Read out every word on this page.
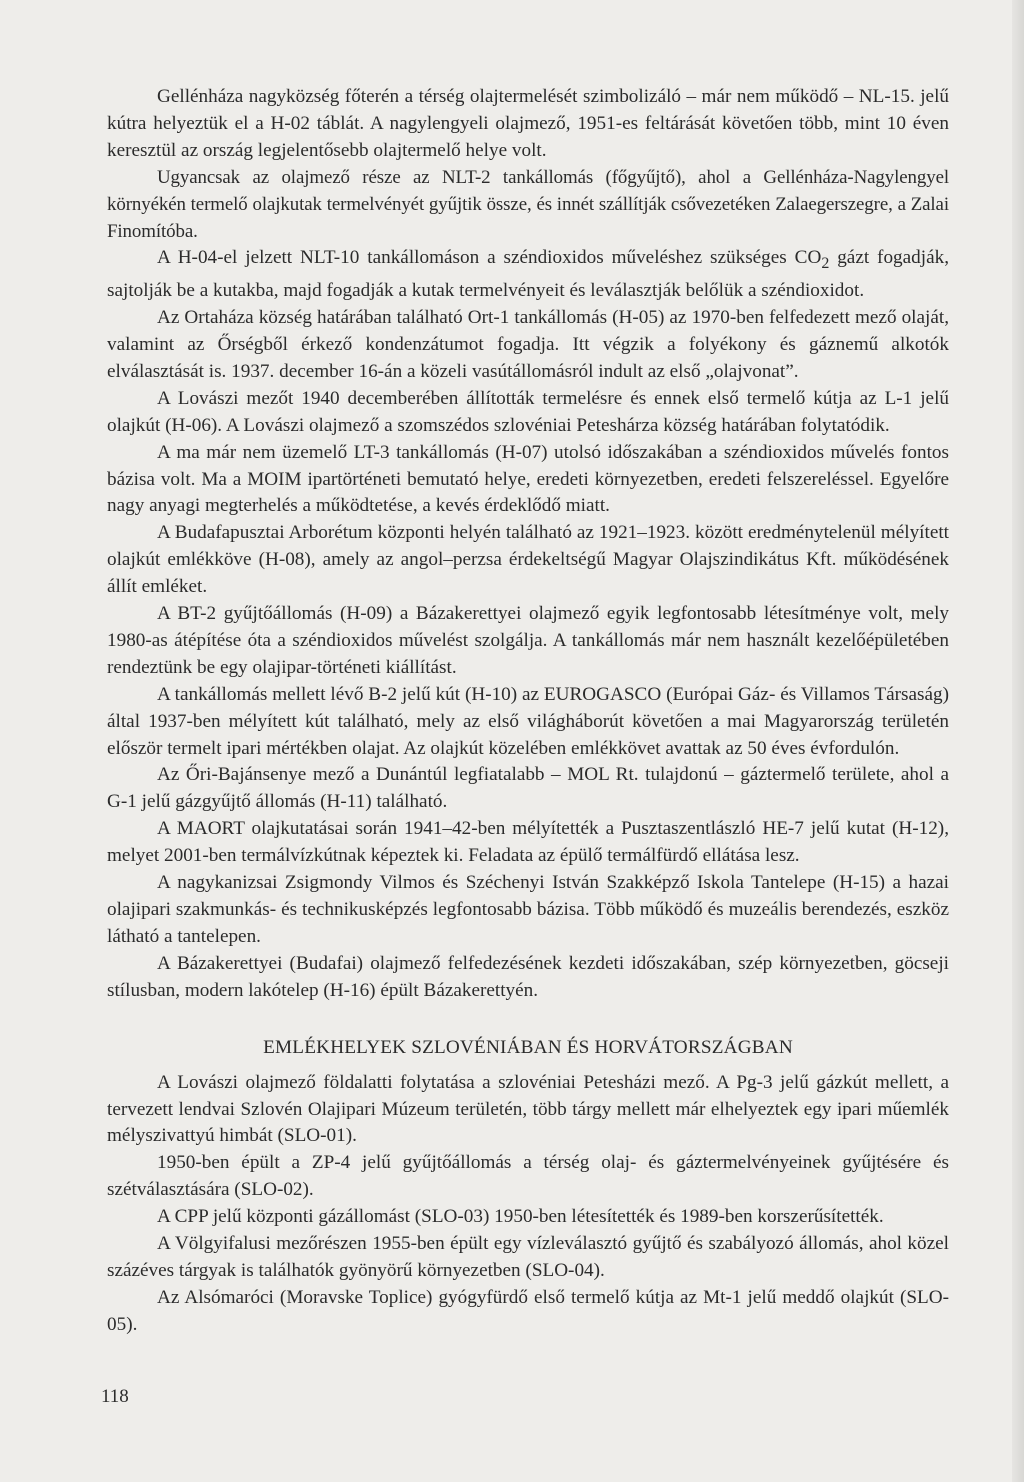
Gellénháza nagyközség főterén a térség olajtermelését szimbolizáló – már nem működő – NL-15. jelű kútra helyeztük el a H-02 táblát. A nagylengyeli olajmező, 1951-es feltárását követően több, mint 10 éven keresztül az ország legjelentősebb olajtermelő helye volt.

Ugyancsak az olajmező része az NLT-2 tankállomás (főgyűjtő), ahol a Gellénháza-Nagylengyel környékén termelő olajkutak termelvényét gyűjtik össze, és innét szállítják csővezetéken Zalaegerszegre, a Zalai Finomítóba.

A H-04-el jelzett NLT-10 tankállomáson a széndioxidos műveléshez szükséges $CO_2$ gázt fogadják, sajtolják be a kutakba, majd fogadják a kutak termelvényeit és leválasztják belőlük a széndioxidot.

Az Ortaháza község határában található Ort-1 tankállomás (H-05) az 1970-ben felfedezett mező olaját, valamint az Őrségből érkező kondenzátumot fogadja. Itt végzik a folyékony és gáznemű alkotók elválasztását is. 1937. december 16-án a közeli vasútállomásról indult az első „olajvonat”.

A Lovászi mezőt 1940 decemberében állították termelésre és ennek első termelő kútja az L-1 jelű olajkút (H-06). A Lovászi olajmező a szomszédos szlovéniai Peteshárza község határában folytatódik.

A ma már nem üzemelő LT-3 tankállomás (H-07) utolsó időszakában a széndioxidos művelés fontos bázisa volt. Ma a MOIM ipartörténeti bemutató helye, eredeti környezetben, eredeti felszereléssel. Egyelőre nagy anyagi megterhelés a működtetése, a kevés érdeklődő miatt.

A Budafapusztai Arborétum központi helyén található az 1921–1923. között eredménytelenül mélyített olajkút emlékköve (H-08), amely az angol–perzsa érdekeltségű Magyar Olajszindikátus Kft. működésének állít emléket.

A BT-2 gyűjtőállomás (H-09) a Bázakerettyei olajmező egyik legfontosabb létesítménye volt, mely 1980-as átépítése óta a széndioxidos művelést szolgálja. A tankállomás már nem használt kezelőépületében rendeztünk be egy olajipar-történeti kiállítást.

A tankállomás mellett lévő B-2 jelű kút (H-10) az EUROGASCO (Európai Gáz- és Villamos Társaság) által 1937-ben mélyített kút található, mely az első világháborút követően a mai Magyarország területén először termelt ipari mértékben olajat. Az olajkút közelében emlékkövet avattak az 50 éves évfordulón.

Az Őri-Bajánsenye mező a Dunántúl legfiatalabb – MOL Rt. tulajdonú – gáztermelő területe, ahol a G-1 jelű gázgyűjtő állomás (H-11) található.

A MAORT olajkutatásai során 1941–42-ben mélyítették a Pusztaszentlászló HE-7 jelű kutat (H-12), melyet 2001-ben termálvízkútnak képeztek ki. Feladata az épülő termálfürdő ellátása lesz.

A nagykanizsai Zsigmondy Vilmos és Széchenyi István Szakképző Iskola Tantelepe (H-15) a hazai olajipari szakmunkás- és technikusképzés legfontosabb bázisa. Több működő és muzeális berendezés, eszköz látható a tantelepen.

A Bázakerettyei (Budafai) olajmező felfedezésének kezdeti időszakában, szép környezetben, göcseji stílusban, modern lakótelep (H-16) épült Bázakerettyén.

EMLÉKHELYEK SZLOVÉNIÁBAN ÉS HORVÁTORSZÁGBAN

A Lovászi olajmező földalatti folytatása a szlovéniai Petesházi mező. A Pg-3 jelű gázkút mellett, a tervezett lendvai Szlovén Olajipari Múzeum területén, több tárgy mellett már elhelyeztek egy ipari műemlék mélyszivattyú himbát (SLO-01).

1950-ben épült a ZP-4 jelű gyűjtőállomás a térség olaj- és gáztermelvényeinek gyűjtésére és szétválasztására (SLO-02).

A CPP jelű központi gázállomást (SLO-03) 1950-ben létesítették és 1989-ben korszerűsítették.

A Völgyifalusi mezőrészen 1955-ben épült egy vízleválasztó gyűjtő és szabályozó állomás, ahol közel százéves tárgyak is találhatók gyönyörű környezetben (SLO-04).

Az Alsómaróci (Moravske Toplice) gyógyfürdő első termelő kútja az Mt-1 jelű meddő olajkút (SLO-05).

118
